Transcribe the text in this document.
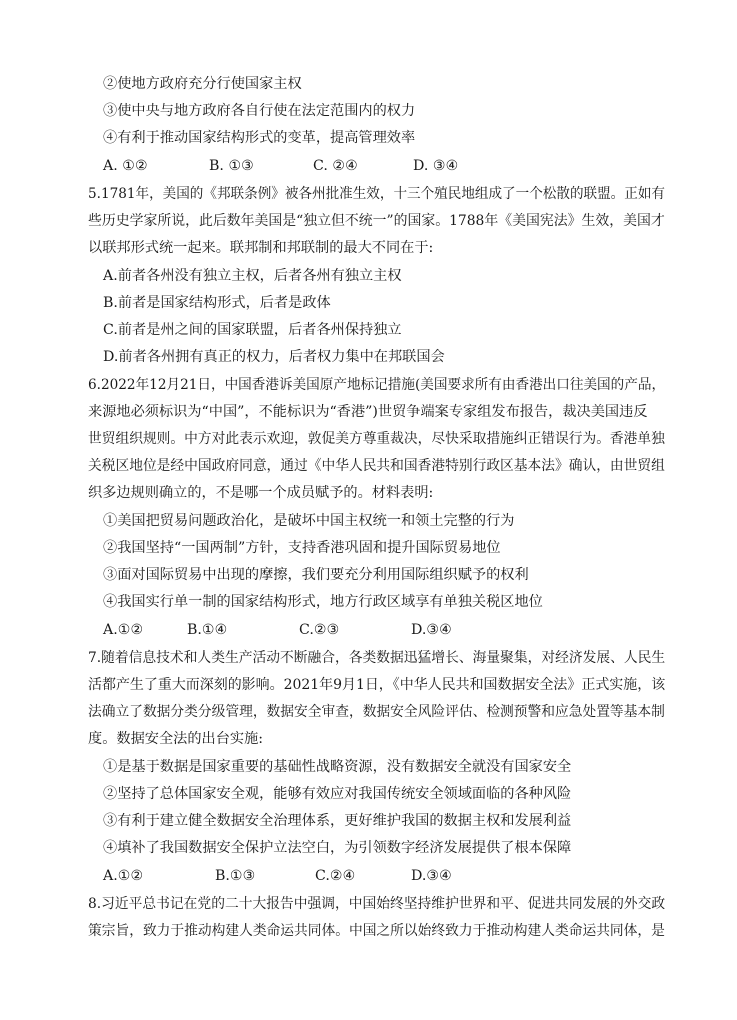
②使地方政府充分行使国家主权
③使中央与地方政府各自行使在法定范围内的权力
④有利于推动国家结构形式的变革，提高管理效率
A. ①②	B. ①③	C. ②④	D. ③④
5.1781年，美国的《邦联条例》被各州批准生效，十三个殖民地组成了一个松散的联盟。正如有
些历史学家所说，此后数年美国是“独立但不统一”的国家。1788年《美国宪法》生效，美国才
以联邦形式统一起来。联邦制和邦联制的最大不同在于:
A.前者各州没有独立主权，后者各州有独立主权
B.前者是国家结构形式，后者是政体
C.前者是州之间的国家联盟，后者各州保持独立
D.前者各州拥有真正的权力，后者权力集中在邦联国会
6.2022年12月21日，中国香港诉美国原产地标记措施(美国要求所有由香港出口往美国的产品，
来源地必须标识为“中国”，不能标识为“香港”)世贸争端案专家组发布报告，裁决美国违反
世贸组织规则。中方对此表示欢迎，敦促美方尊重裁决，尽快采取措施纠正错误行为。香港单独
关税区地位是经中国政府同意，通过《中华人民共和国香港特别行政区基本法》确认，由世贸组
织多边规则确立的，不是哪一个成员赋予的。材料表明:
①美国把贸易问题政治化，是破坏中国主权统一和领土完整的行为
②我国坚持“一国两制”方针，支持香港巩固和提升国际贸易地位
③面对国际贸易中出现的摩擦，我们要充分利用国际组织赋予的权利
④我国实行单一制的国家结构形式，地方行政区域享有单独关税区地位
A.①②	B.①④	C.②③	D.③④
7.随着信息技术和人类生产活动不断融合，各类数据迅猛增长、海量聚集，对经济发展、人民生
活都产生了重大而深刻的影响。2021年9月1日，《中华人民共和国数据安全法》正式实施，该
法确立了数据分类分级管理，数据安全审查，数据安全风险评估、检测预警和应急处置等基本制
度。数据安全法的出台实施:
①是基于数据是国家重要的基础性战略资源，没有数据安全就没有国家安全
②坚持了总体国家安全观，能够有效应对我国传统安全领域面临的各种风险
③有利于建立健全数据安全治理体系，更好维护我国的数据主权和发展利益
④填补了我国数据安全保护立法空白，为引领数字经济发展提供了根本保障
A.①②	B.①③	C.②④	D.③④
8.习近平总书记在党的二十大报告中强调，中国始终坚持维护世界和平、促进共同发展的外交政
策宗旨，致力于推动构建人类命运共同体。中国之所以始终致力于推动构建人类命运共同体，是
